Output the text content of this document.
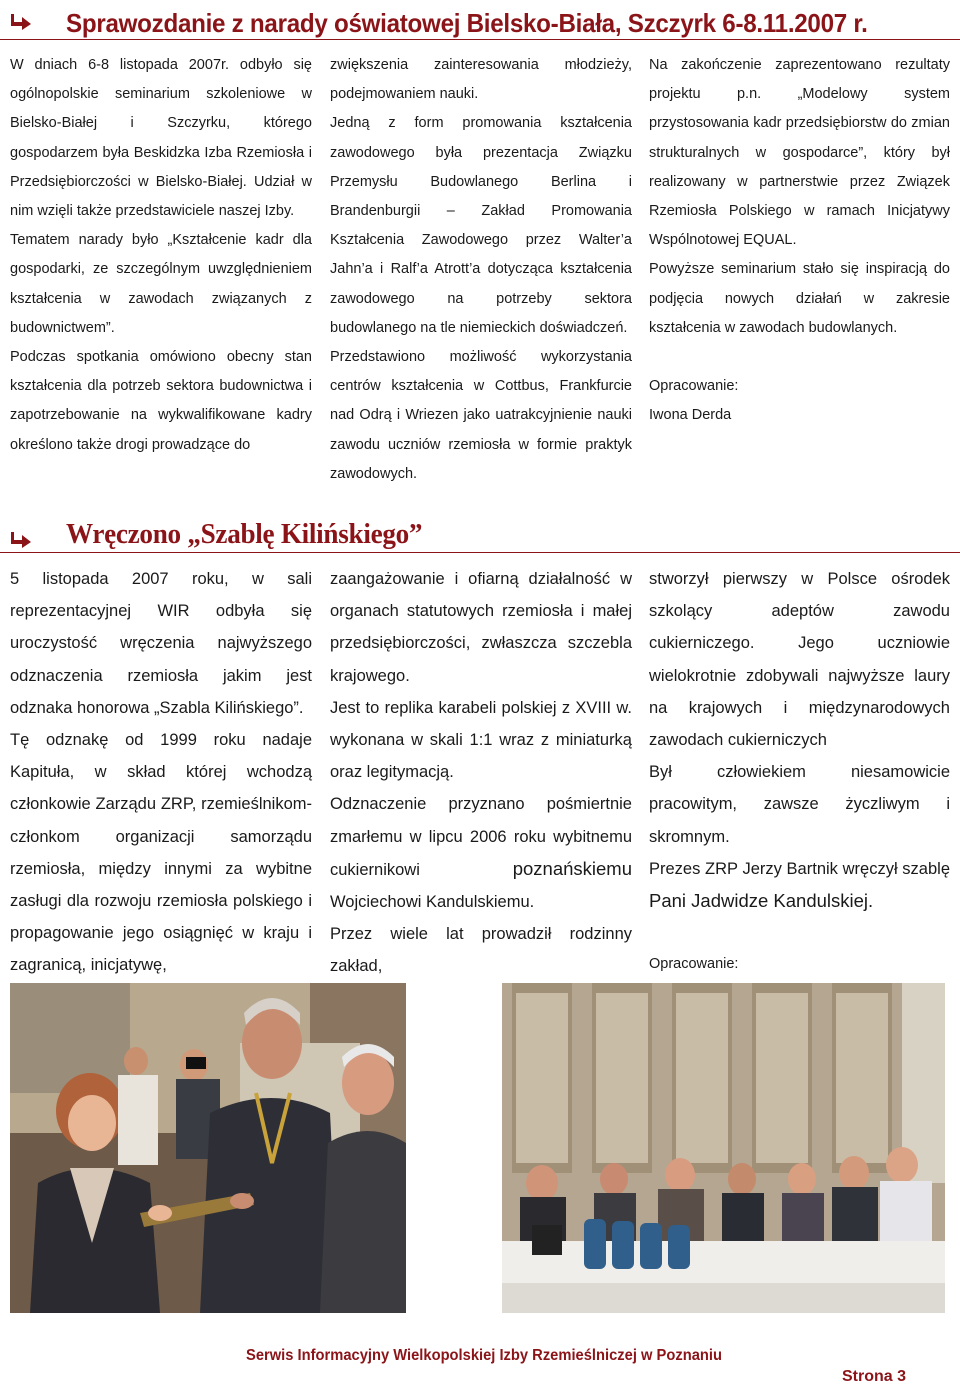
Sprawozdanie z narady oświatowej Bielsko-Biała, Szczyrk 6-8.11.2007 r.

W dniach 6-8 listopada 2007r. odbyło się ogólnopolskie seminarium szkoleniowe w Bielsko-Białej i Szczyrku, którego gospodarzem była Beskidzka Izba Rzemiosła i Przedsiębiorczości w Bielsko-Białej. Udział w nim wzięli także przedstawiciele naszej Izby.

Tematem narady było „Kształcenie kadr dla gospodarki, ze szczególnym uwzględnieniem kształcenia w zawodach związanych z budownictwem”.

Podczas spotkania omówiono obecny stan kształcenia dla potrzeb sektora budownictwa i zapotrzebowanie na wykwalifikowane kadry określono także drogi prowadzące do

zwiększenia zainteresowania młodzieży, podejmowaniem nauki.

Jedną z form promowania kształcenia zawodowego była prezentacja Związku Przemysłu Budowlanego Berlina i Brandenburgii – Zakład Promowania Kształcenia Zawodowego przez Walter’a Jahn’a i Ralf’a Atrott’a dotycząca kształcenia zawodowego na potrzeby sektora budowlanego na tle niemieckich doświadczeń.

Przedstawiono możliwość wykorzystania centrów kształcenia w Cottbus, Frankfurcie nad Odrą i Wriezen jako uatrakcyjnienie nauki zawodu uczniów rzemiosła w formie praktyk zawodowych.

Na zakończenie zaprezentowano rezultaty projektu p.n. „Modelowy system przystosowania kadr przedsiębiorstw do zmian strukturalnych w gospodarce”, który był realizowany w partnerstwie przez Związek Rzemiosła Polskiego w ramach Inicjatywy Wspólnotowej EQUAL.

Powyższe seminarium stało się inspiracją do podjęcia nowych działań w zakresie kształcenia w zawodach budowlanych.

Opracowanie:

Iwona Derda

Wręczono „Szablę Kilińskiego”

5 listopada 2007 roku, w sali reprezentacyjnej WIR odbyła się uroczystość wręczenia najwyższego odznaczenia rzemiosła jakim jest odznaka honorowa „Szabla Kilińskiego”.

Tę odznakę od 1999 roku nadaje Kapituła, w skład której wchodzą członkowie Zarządu ZRP, rzemieślnikom-członkom organizacji samorządu rzemiosła, między innymi za wybitne zasługi dla rozwoju rzemiosła polskiego i propagowanie jego osiągnięć w kraju i zagranicą, inicjatywę,

zaangażowanie i ofiarną działalność w organach statutowych rzemiosła i małej przedsiębiorczości, zwłaszcza szczebla krajowego.

Jest to replika karabeli polskiej z XVIII w. wykonana w skali 1:1 wraz z miniaturką oraz legitymacją.

Odznaczenie przyznano pośmiertnie zmarłemu w lipcu 2006 roku wybitnemu cukiernikowi poznańskiemu Wojciechowi Kandulskiemu.

Przez wiele lat prowadził rodzinny zakład,

stworzył pierwszy w Polsce ośrodek szkolący adeptów zawodu cukierniczego. Jego uczniowie wielokrotnie zdobywali najwyższe laury na krajowych i międzynarodowych zawodach cukierniczych

Był człowiekiem niesamowicie pracowitym, zawsze życzliwym i skromnym.

Prezes ZRP Jerzy Bartnik wręczył szablę Pani Jadwidze Kandulskiej.

Opracowanie:

Serwis Informacyjny Wielkopolskiej Izby Rzemieślniczej w Poznaniu
Strona 3
